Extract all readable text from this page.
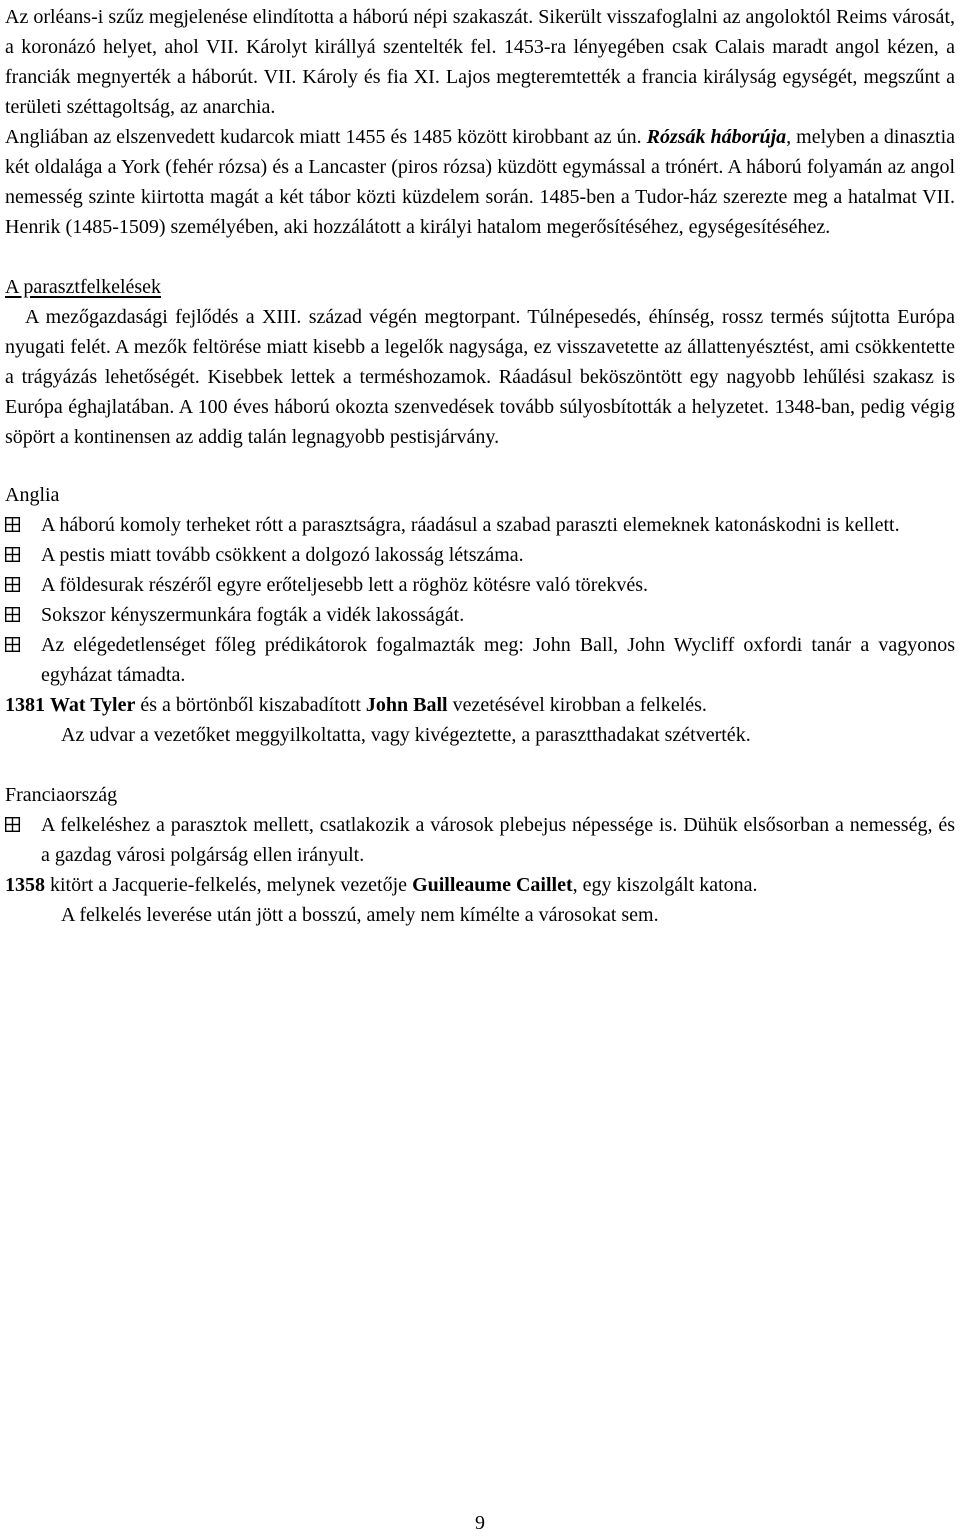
Az orléans-i szűz megjelenése elindította a háború népi szakaszát. Sikerült visszafoglalni az angoloktól Reims városát, a koronázó helyet, ahol VII. Károlyt királlyá szentelték fel. 1453-ra lényegében csak Calais maradt angol kézen, a franciák megnyerték a háborút. VII. Károly és fia XI. Lajos megteremtették a francia királyság egységét, megszűnt a területi széttagoltság, az anarchia.

Angliában az elszenvedett kudarcok miatt 1455 és 1485 között kirobbant az ún. Rózsák háborúja, melyben a dinasztia két oldalága a York (fehér rózsa) és a Lancaster (piros rózsa) küzdött egymással a trónért. A háború folyamán az angol nemesség szinte kiirtotta magát a két tábor közti küzdelem során. 1485-ben a Tudor-ház szerezte meg a hatalmat VII. Henrik (1485-1509) személyében, aki hozzálátott a királyi hatalom megerősítéséhez, egységesítéséhez.

A parasztfelkelések

A mezőgazdasági fejlődés a XIII. század végén megtorpant. Túlnépesedés, éhínség, rossz termés sújtotta Európa nyugati felét. A mezők feltörése miatt kisebb a legelők nagysága, ez visszavetette az állattenyésztést, ami csökkentette a trágyázás lehetőségét. Kisebbek lettek a terméshozamok. Ráadásul beköszöntött egy nagyobb lehűlési szakasz is Európa éghajlatában. A 100 éves háború okozta szenvedések tovább súlyosbították a helyzetet. 1348-ban, pedig végig söpört a kontinensen az addig talán legnagyobb pestisjárvány.

Anglia

A háború komoly terheket rótt a parasztságra, ráadásul a szabad paraszti elemeknek katonáskodni is kellett.
A pestis miatt tovább csökkent a dolgozó lakosság létszáma.
A földesurak részéről egyre erőteljesebb lett a röghöz kötésre való törekvés.
Sokszor kényszermunkára fogták a vidék lakosságát.
Az elégedetlenséget főleg prédikátorok fogalmazták meg: John Ball, John Wycliff oxfordi tanár a vagyonos egyházat támadta.

1381 Wat Tyler és a börtönből kiszabadított John Ball vezetésével kirobban a felkelés.

Az udvar a vezetőket meggyilkoltatta, vagy kivégeztette, a parasztthadakat szétverték.

Franciaország

A felkeléshez a parasztok mellett, csatlakozik a városok plebejus népessége is. Dühük elsősorban a nemesség, és a gazdag városi polgárság ellen irányult.

1358 kitört a Jacquerie-felkelés, melynek vezetője Guilleaume Caillet, egy kiszolgált katona.

A felkelés leverése után jött a bosszú, amely nem kímélte a városokat sem.

9
